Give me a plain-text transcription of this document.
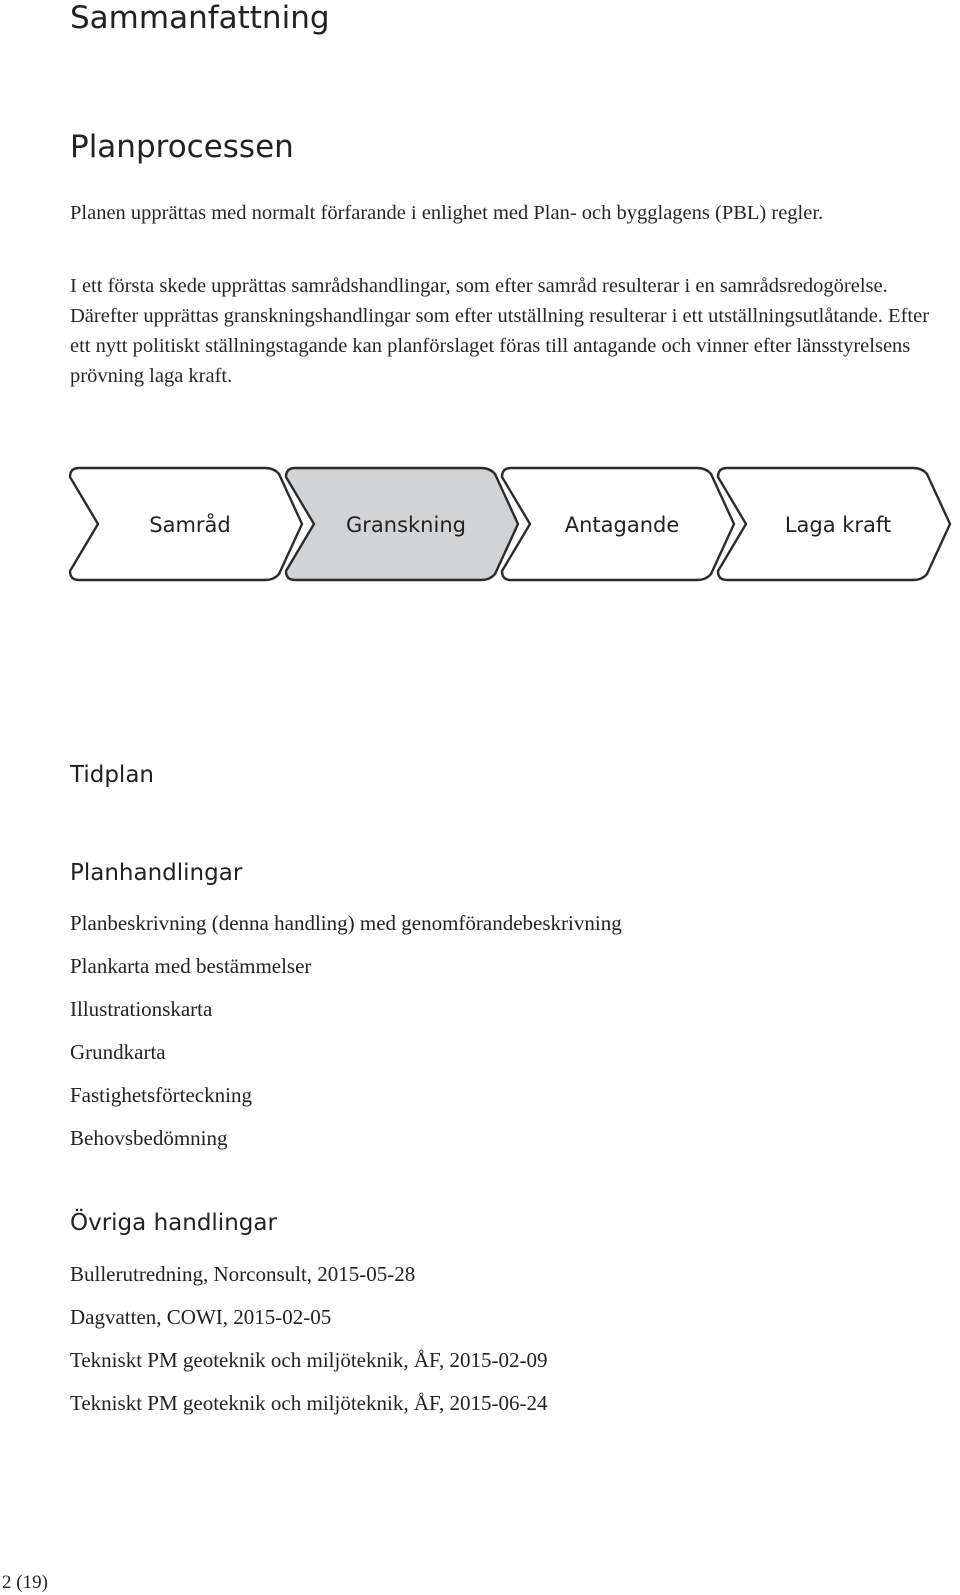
Sammanfattning
Planprocessen

Planen upprättas med normalt förfarande i enlighet med Plan- och bygglagens (PBL) regler.

I ett första skede upprättas samrådshandlingar, som efter samråd resulterar i en samrådsredogörelse. Därefter upprättas granskningshandlingar som efter utställning resulterar i ett utställningsutlåtande. Efter ett nytt politiskt ställningstagande kan planförslaget föras till antagande och vinner efter länsstyrelsens prövning laga kraft.

Samråd	Granskning	Antagande	Laga kraft
Tidplan
Planhandlingar
Planbeskrivning (denna handling) med genomförandebeskrivning
Plankarta med bestämmelser
Illustrationskarta
Grundkarta
Fastighetsförteckning
Behovsbedömning
Övriga handlingar
Bullerutredning, Norconsult, 2015-05-28
Dagvatten, COWI, 2015-02-05
Tekniskt PM geoteknik och miljöteknik, ÅF, 2015-02-09
Tekniskt PM geoteknik och miljöteknik, ÅF, 2015-06-24
2 (19)
